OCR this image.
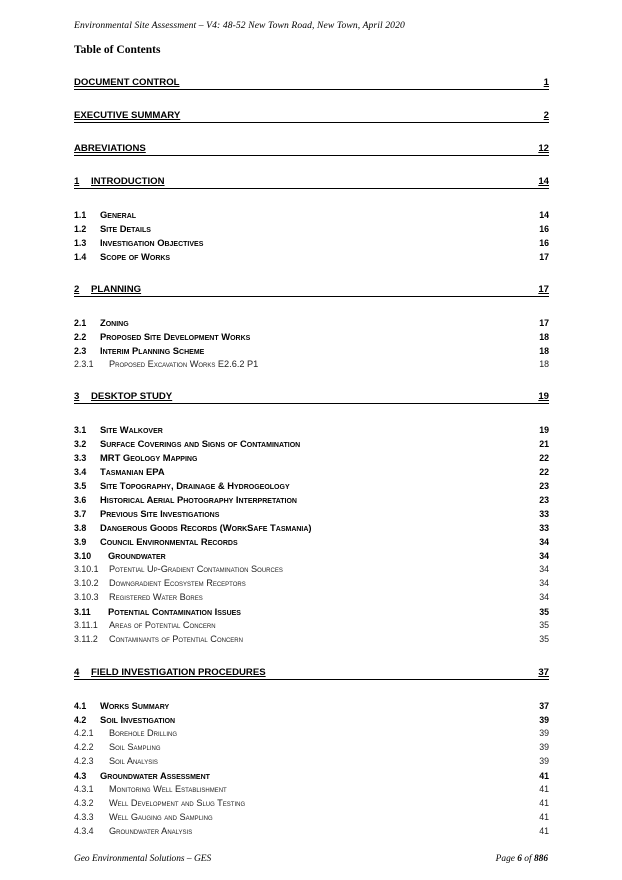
Environmental Site Assessment – V4: 48-52 New Town Road, New Town, April 2020
Table of Contents
DOCUMENT CONTROL	1
EXECUTIVE SUMMARY	2
ABREVIATIONS	12
1	INTRODUCTION	14
1.1	General	14
1.2	Site Details	16
1.3	Investigation Objectives	16
1.4	Scope of Works	17
2	PLANNING	17
2.1	Zoning	17
2.2	Proposed Site Development Works	18
2.3	Interim Planning Scheme	18
2.3.1	Proposed Excavation Works E2.6.2 P1	18
3	DESKTOP STUDY	19
3.1	Site Walkover	19
3.2	Surface Coverings and Signs of Contamination	21
3.3	MRT Geology Mapping	22
3.4	Tasmanian EPA	22
3.5	Site Topography, Drainage & Hydrogeology	23
3.6	Historical Aerial Photography Interpretation	23
3.7	Previous Site Investigations	33
3.8	Dangerous Goods Records (WorkSafe Tasmania)	33
3.9	Council Environmental Records	34
3.10	Groundwater	34
3.10.1	Potential Up-Gradient Contamination Sources	34
3.10.2	Downgradient Ecosystem Receptors	34
3.10.3	Registered Water Bores	34
3.11	Potential Contamination Issues	35
3.11.1	Areas of Potential Concern	35
3.11.2	Contaminants of Potential Concern	35
4	FIELD INVESTIGATION PROCEDURES	37
4.1	Works Summary	37
4.2	Soil Investigation	39
4.2.1	Borehole Drilling	39
4.2.2	Soil Sampling	39
4.2.3	Soil Analysis	39
4.3	Groundwater Assessment	41
4.3.1	Monitoring Well Establishment	41
4.3.2	Well Development and Slug Testing	41
4.3.3	Well Gauging and Sampling	41
4.3.4	Groundwater Analysis	41
Geo Environmental Solutions – GES	Page 6 of 886
